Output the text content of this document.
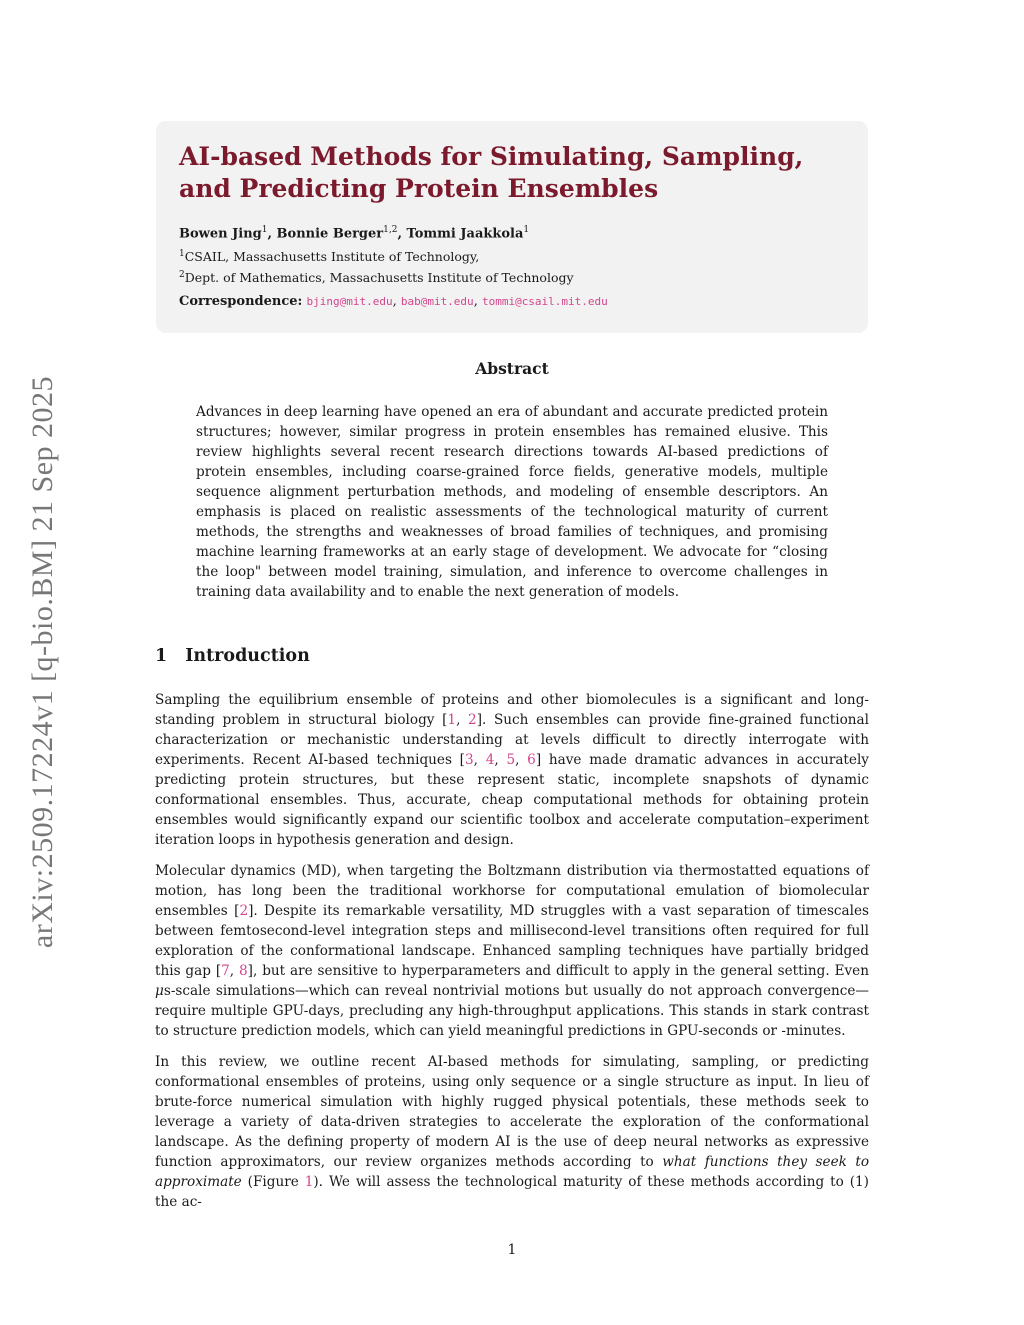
arXiv:2509.17224v1 [q-bio.BM] 21 Sep 2025
AI-based Methods for Simulating, Sampling,
and Predicting Protein Ensembles
Bowen Jing$^1$, Bonnie Berger$^{1,2}$, Tommi Jaakkola$^1$
$^1$CSAIL, Massachusetts Institute of Technology,
$^2$Dept. of Mathematics, Massachusetts Institute of Technology
Correspondence: bjing@mit.edu, bab@mit.edu, tommi@csail.mit.edu
Abstract
Advances in deep learning have opened an era of abundant and accurate predicted protein structures; however, similar progress in protein ensembles has remained elusive. This review highlights several recent research directions towards AI-based predictions of protein ensembles, including coarse-grained force fields, generative models, multiple sequence alignment perturbation methods, and modeling of ensemble descriptors. An emphasis is placed on realistic assessments of the technological maturity of current methods, the strengths and weaknesses of broad families of techniques, and promising machine learning frameworks at an early stage of development. We advocate for “closing the loop" between model training, simulation, and inference to overcome challenges in training data availability and to enable the next generation of models.
1 Introduction

Sampling the equilibrium ensemble of proteins and other biomolecules is a significant and long-standing problem in structural biology [1, 2]. Such ensembles can provide fine-grained functional characterization or mechanistic understanding at levels difficult to directly interrogate with experiments. Recent AI-based techniques [3, 4, 5, 6] have made dramatic advances in accurately predicting protein structures, but these represent static, incomplete snapshots of dynamic conformational ensembles. Thus, accurate, cheap computational methods for obtaining protein ensembles would significantly expand our scientific toolbox and accelerate computation–experiment iteration loops in hypothesis generation and design.

Molecular dynamics (MD), when targeting the Boltzmann distribution via thermostatted equations of motion, has long been the traditional workhorse for computational emulation of biomolecular ensembles [2]. Despite its remarkable versatility, MD struggles with a vast separation of timescales between femtosecond-level integration steps and millisecond-level transitions often required for full exploration of the conformational landscape. Enhanced sampling techniques have partially bridged this gap [7, 8], but are sensitive to hyperparameters and difficult to apply in the general setting. Even μs-scale simulations—which can reveal nontrivial motions but usually do not approach convergence—require multiple GPU-days, precluding any high-throughput applications. This stands in stark contrast to structure prediction models, which can yield meaningful predictions in GPU-seconds or -minutes.

In this review, we outline recent AI-based methods for simulating, sampling, or predicting conformational ensembles of proteins, using only sequence or a single structure as input. In lieu of brute-force numerical simulation with highly rugged physical potentials, these methods seek to leverage a variety of data-driven strategies to accelerate the exploration of the conformational landscape. As the defining property of modern AI is the use of deep neural networks as expressive function approximators, our review organizes methods according to what functions they seek to approximate (Figure 1). We will assess the technological maturity of these methods according to (1) the ac-

1
